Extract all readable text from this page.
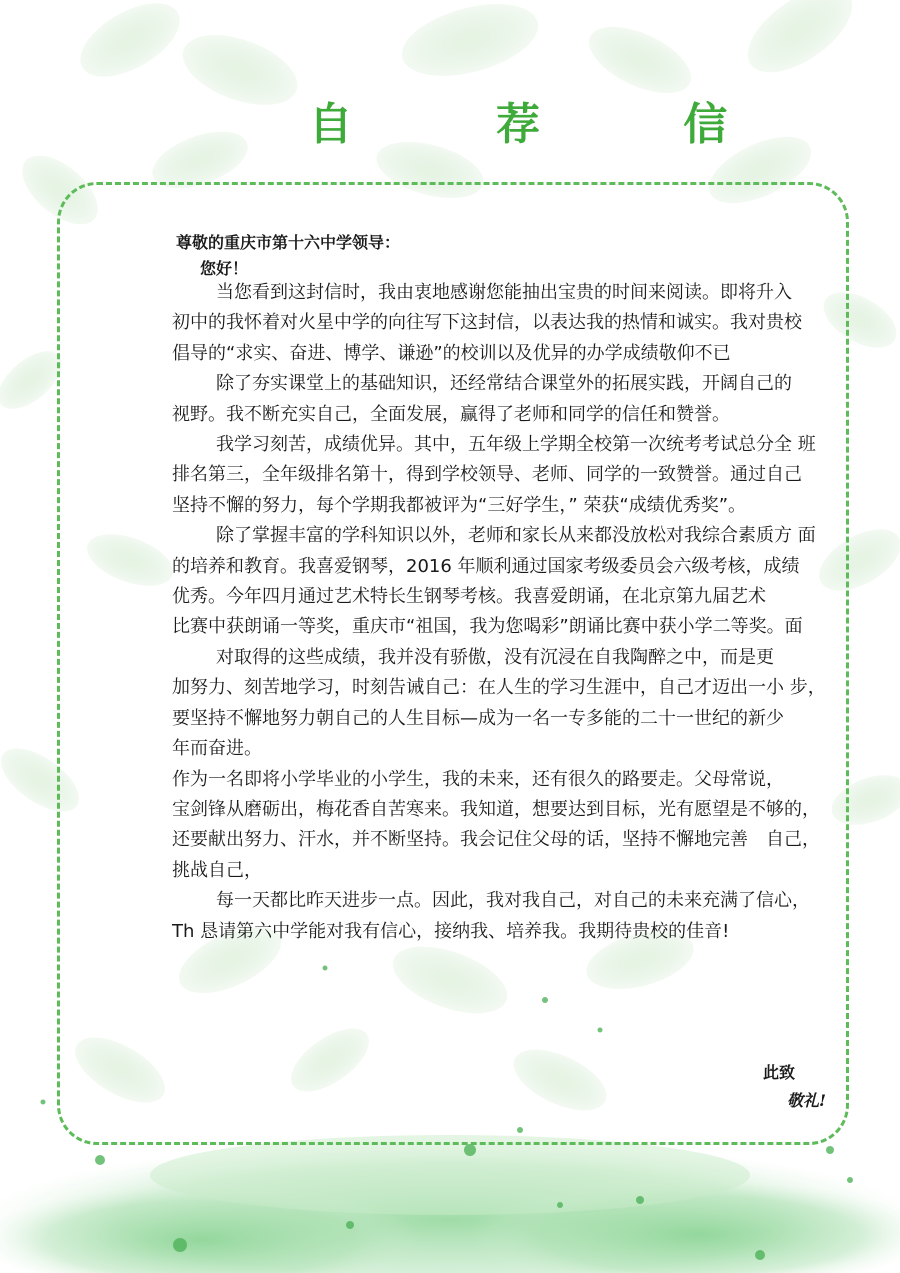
自 荐 信
尊敬的重庆市第十六中学领导：
您好！
当您看到这封信时，我由衷地感谢您能抽出宝贵的时间来阅读。即将升入
初中的我怀着对火星中学的向往写下这封信，以表达我的热情和诚实。我对贵校
倡导的“求实、奋进、博学、谦逊”的校训以及优异的办学成绩敬仰不已
除了夯实课堂上的基础知识，还经常结合课堂外的拓展实践，开阔自己的
视野。我不断充实自己，全面发展，赢得了老师和同学的信任和赞誉。
我学习刻苦，成绩优异。其中，五年级上学期全校第一次统考考试总分全 班
排名第三，全年级排名第十，得到学校领导、老师、同学的一致赞誉。通过自己
坚持不懈的努力，每个学期我都被评为“三好学生，” 荣获“成绩优秀奖”。
除了掌握丰富的学科知识以外，老师和家长从来都没放松对我综合素质方 面
的培养和教育。我喜爱钢琴，2016 年顺利通过国家考级委员会六级考核，成绩
优秀。今年四月通过艺术特长生钢琴考核。我喜爱朗诵，在北京第九届艺术
比赛中获朗诵一等奖，重庆市“祖国，我为您喝彩”朗诵比赛中获小学二等奖。面
对取得的这些成绩，我并没有骄傲，没有沉浸在自我陶醉之中，而是更
加努力、刻苦地学习，时刻告诫自己：在人生的学习生涯中，自己才迈出一小 步，
要坚持不懈地努力朝自己的人生目标—成为一名一专多能的二十一世纪的新少
年而奋进。
作为一名即将小学毕业的小学生，我的未来，还有很久的路要走。父母常说，
宝剑锋从磨砺出，梅花香自苦寒来。我知道，想要达到目标，光有愿望是不够的，
还要献出努力、汗水，并不断坚持。我会记住父母的话，坚持不懈地完善　自己，
挑战自己，
每一天都比昨天进步一点。因此，我对我自己，对自己的未来充满了信心，
Th 恳请第六中学能对我有信心，接纳我、培养我。我期待贵校的佳音!
此致
敬礼!
